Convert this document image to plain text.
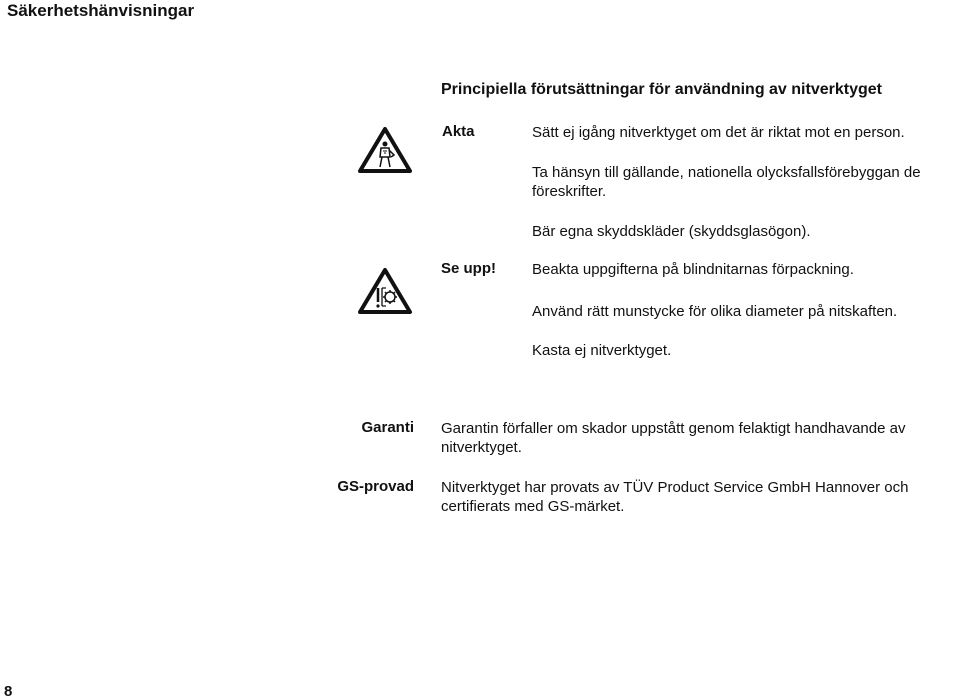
Säkerhetshänvisningar
Principiella förutsättningar för användning av nitverktyget
Akta	Sätt ej igång nitverktyget om det är riktat mot en person.
Ta hänsyn till gällande, nationella olycksfallsförebyggan de föreskrifter.
Bär egna skyddskläder (skyddsglasögon).
Se upp! Beakta uppgifterna på blindnitarnas förpackning.
Använd rätt munstycke för olika diameter på nitskaften.
Kasta ej nitverktyget.
Garanti Garantin förfaller om skador uppstått genom felaktigt handhavande av nitverktyget.
GS-provad Nitverktyget har provats av TÜV Product Service GmbH Hannover och certifierats med GS-märket.
8
